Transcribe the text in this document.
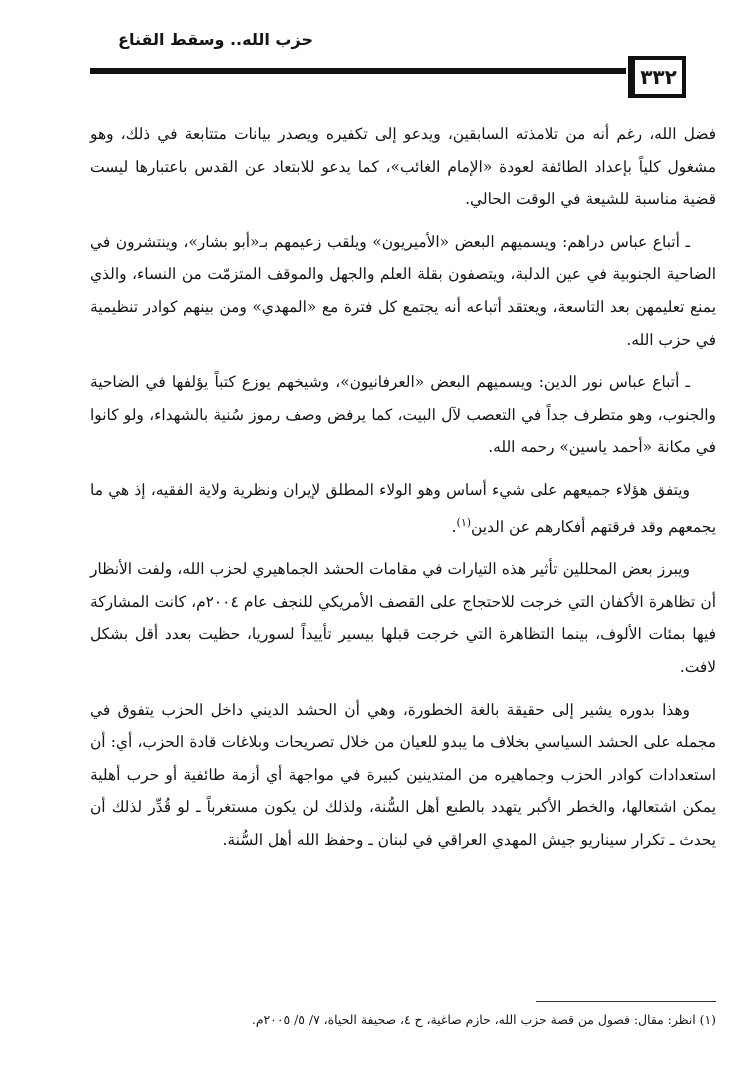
حزب الله.. وسقط القناع
٣٣٢

فضل الله، رغم أنه من تلامذته السابقين، ويدعو إلى تكفيره ويصدر بيانات متتابعة في ذلك، وهو مشغول كلياً بإعداد الطائفة لعودة «الإمام الغائب»، كما يدعو للابتعاد عن القدس باعتبارها ليست قضية مناسبة للشيعة في الوقت الحالي.

ـ أتباع عباس دراهم: ويسميهم البعض «الأميريون» ويلقب زعيمهم بـ«أبو بشار»، وينتشرون في الضاحية الجنوبية في عين الدلبة، ويتصفون بقلة العلم والجهل والموقف المتزمّت من النساء، والذي يمنع تعليمهن بعد التاسعة، ويعتقد أتباعه أنه يجتمع كل فترة مع «المهدي» ومن بينهم كوادر تنظيمية في حزب الله.

ـ أتباع عباس نور الدين: ويسميهم البعض «العرفانيون»، وشيخهم يوزع كتباً يؤلفها في الضاحية والجنوب، وهو متطرف جداً في التعصب لآل البيت، كما يرفض وصف رموز سُنية بالشهداء، ولو كانوا في مكانة «أحمد ياسين» رحمه الله.

ويتفق هؤلاء جميعهم على شيء أساس وهو الولاء المطلق لإيران ونظرية ولاية الفقيه، إذ هي ما يجمعهم وقد فرقتهم أفكارهم عن الدين$^{(١)}$.

ويبرز بعض المحللين تأثير هذه التيارات في مقامات الحشد الجماهيري لحزب الله، ولفت الأنظار أن تظاهرة الأكفان التي خرجت للاحتجاج على القصف الأمريكي للنجف عام ٢٠٠٤م، كانت المشاركة فيها بمئات الألوف، بينما التظاهرة التي خرجت قبلها بيسير تأييداً لسوريا، حظيت بعدد أقل بشكل لافت.

وهذا بدوره يشير إلى حقيقة بالغة الخطورة، وهي أن الحشد الديني داخل الحزب يتفوق في مجمله على الحشد السياسي بخلاف ما يبدو للعيان من خلال تصريحات وبلاغات قادة الحزب، أي: أن استعدادات كوادر الحزب وجماهيره من المتدينين كبيرة في مواجهة أي أزمة طائفية أو حرب أهلية يمكن اشتعالها، والخطر الأكبر يتهدد بالطبع أهل السُّنة، ولذلك لن يكون مستغرباً ـ لو قُدِّر لذلك أن يحدث ـ تكرار سيناريو جيش المهدي العراقي في لبنان ـ وحفظ الله أهل السُّنة.

(١) انظر: مقال: فصول من قصة حزب الله، حازم صاغية، ح ٤، صحيفة الحياة، ٧/ ٥/ ٢٠٠٥م.
